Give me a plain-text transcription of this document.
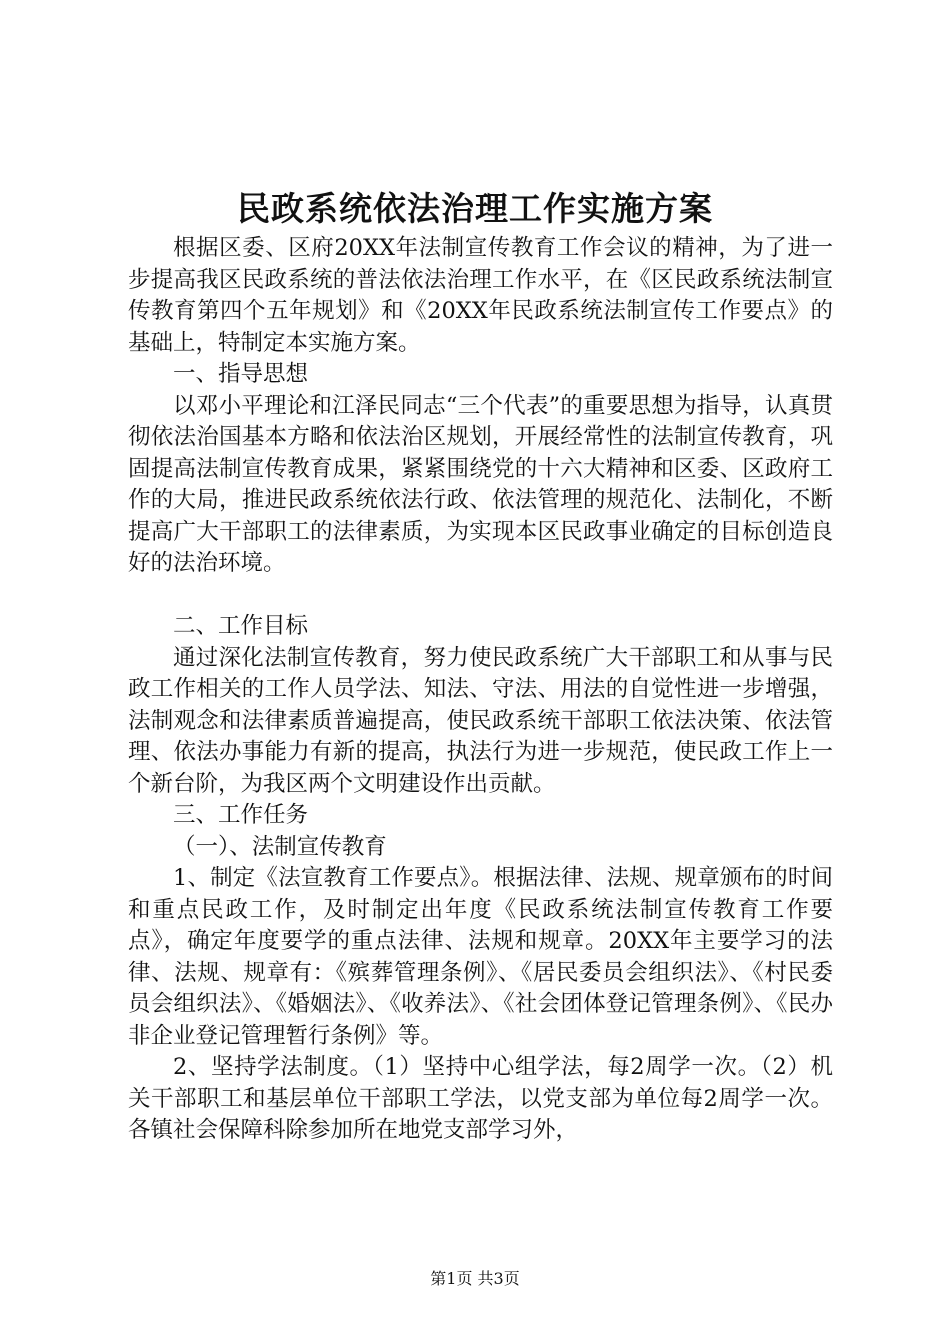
民政系统依法治理工作实施方案

根据区委、区府20XX年法制宣传教育工作会议的精神，为了进一步提高我区民政系统的普法依法治理工作水平，在《区民政系统法制宣传教育第四个五年规划》和《20XX年民政系统法制宣传工作要点》的基础上，特制定本实施方案。

一、指导思想

以邓小平理论和江泽民同志“三个代表”的重要思想为指导，认真贯彻依法治国基本方略和依法治区规划，开展经常性的法制宣传教育，巩固提高法制宣传教育成果，紧紧围绕党的十六大精神和区委、区政府工作的大局，推进民政系统依法行政、依法管理的规范化、法制化，不断提高广大干部职工的法律素质，为实现本区民政事业确定的目标创造良好的法治环境。

二、工作目标

通过深化法制宣传教育，努力使民政系统广大干部职工和从事与民政工作相关的工作人员学法、知法、守法、用法的自觉性进一步增强，法制观念和法律素质普遍提高，使民政系统干部职工依法决策、依法管理、依法办事能力有新的提高，执法行为进一步规范，使民政工作上一个新台阶，为我区两个文明建设作出贡献。

三、工作任务

（一）、法制宣传教育

1、制定《法宣教育工作要点》。根据法律、法规、规章颁布的时间和重点民政工作，及时制定出年度《民政系统法制宣传教育工作要点》，确定年度要学的重点法律、法规和规章。20XX年主要学习的法律、法规、规章有：《殡葬管理条例》、《居民委员会组织法》、《村民委员会组织法》、《婚姻法》、《收养法》、《社会团体登记管理条例》、《民办非企业登记管理暂行条例》等。

2、坚持学法制度。（1）坚持中心组学法，每2周学一次。（2）机关干部职工和基层单位干部职工学法，以党支部为单位每2周学一次。各镇社会保障科除参加所在地党支部学习外，

第1页 共3页
